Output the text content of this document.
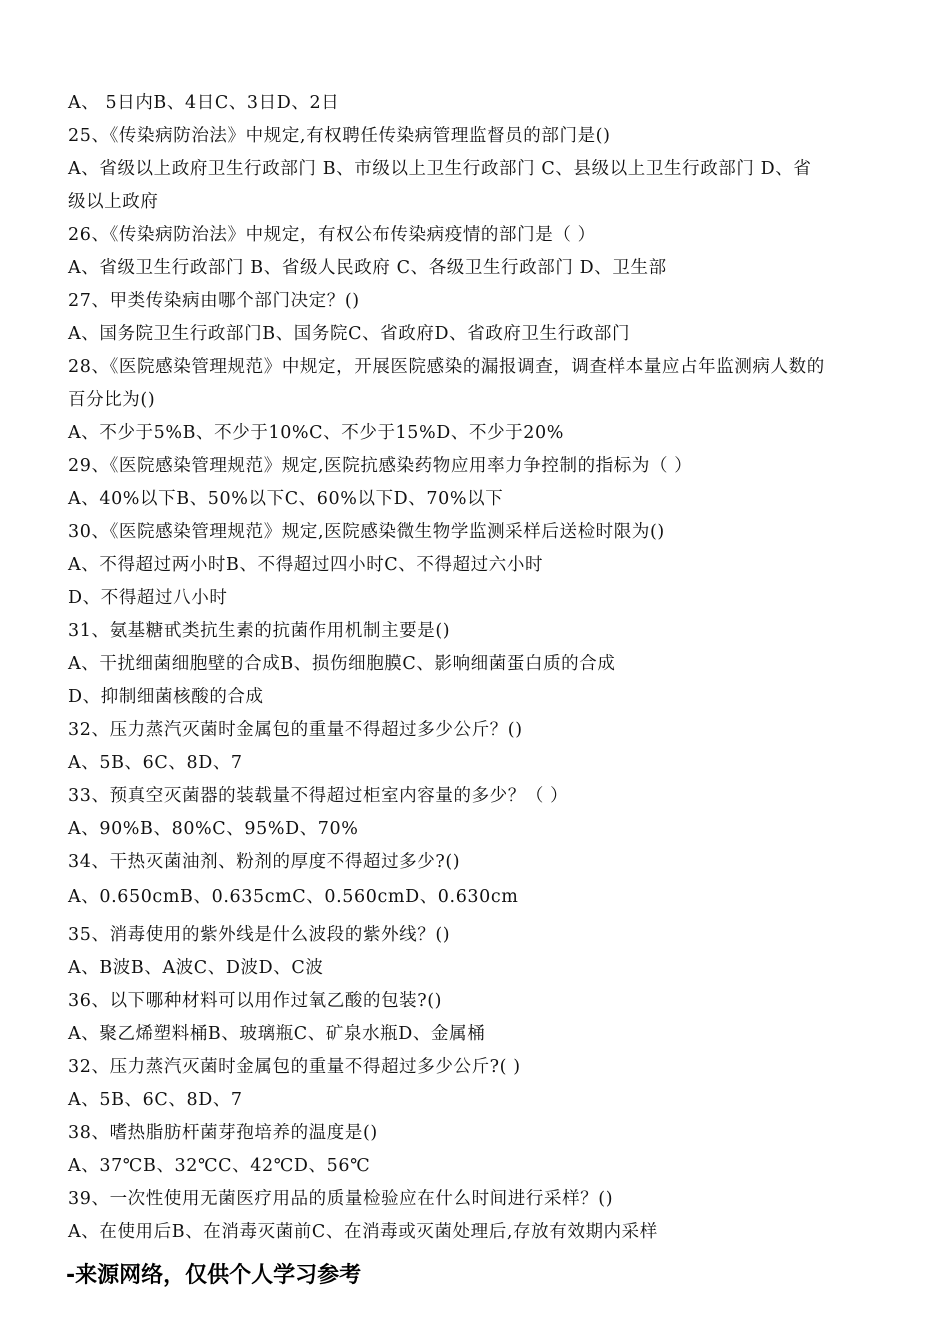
A、 5日内B、4日C、3日D、2日
25、《传染病防治法》中规定,有权聘任传染病管理监督员的部门是()
A、省级以上政府卫生行政部门 B、市级以上卫生行政部门 C、县级以上卫生行政部门 D、省
级以上政府
26、《传染病防治法》中规定，有权公布传染病疫情的部门是（ ）
A、省级卫生行政部门 B、省级人民政府 C、各级卫生行政部门 D、卫生部
27、甲类传染病由哪个部门决定？()
A、国务院卫生行政部门B、国务院C、省政府D、省政府卫生行政部门
28、《医院感染管理规范》中规定，开展医院感染的漏报调查，调查样本量应占年监测病人数的
百分比为()
A、不少于5%B、不少于10%C、不少于15%D、不少于20%
29、《医院感染管理规范》规定,医院抗感染药物应用率力争控制的指标为（ ）
A、40%以下B、50%以下C、60%以下D、70%以下
30、《医院感染管理规范》规定,医院感染微生物学监测采样后送检时限为()
A、不得超过两小时B、不得超过四小时C、不得超过六小时
D、不得超过八小时
31、氨基糖甙类抗生素的抗菌作用机制主要是()
A、干扰细菌细胞壁的合成B、损伤细胞膜C、影响细菌蛋白质的合成
D、抑制细菌核酸的合成
32、压力蒸汽灭菌时金属包的重量不得超过多少公斤？()
A、5B、6C、8D、7
33、预真空灭菌器的装载量不得超过柜室内容量的多少？（ ）
A、90%B、80%C、95%D、70%
34、干热灭菌油剂、粉剂的厚度不得超过多少?()
A、0.650cmB、0.635cmC、0.560cmD、0.630cm
35、消毒使用的紫外线是什么波段的紫外线？()
A、B波B、A波C、D波D、C波
36、以下哪种材料可以用作过氧乙酸的包装?()
A、聚乙烯塑料桶B、玻璃瓶C、矿泉水瓶D、金属桶
32、压力蒸汽灭菌时金属包的重量不得超过多少公斤?( )
A、5B、6C、8D、7
38、嗜热脂肪杆菌芽孢培养的温度是()
A、37℃B、32℃C、42℃D、56℃
39、一次性使用无菌医疗用品的质量检验应在什么时间进行采样？()
A、在使用后B、在消毒灭菌前C、在消毒或灭菌处理后,存放有效期内采样
-来源网络，仅供个人学习参考
